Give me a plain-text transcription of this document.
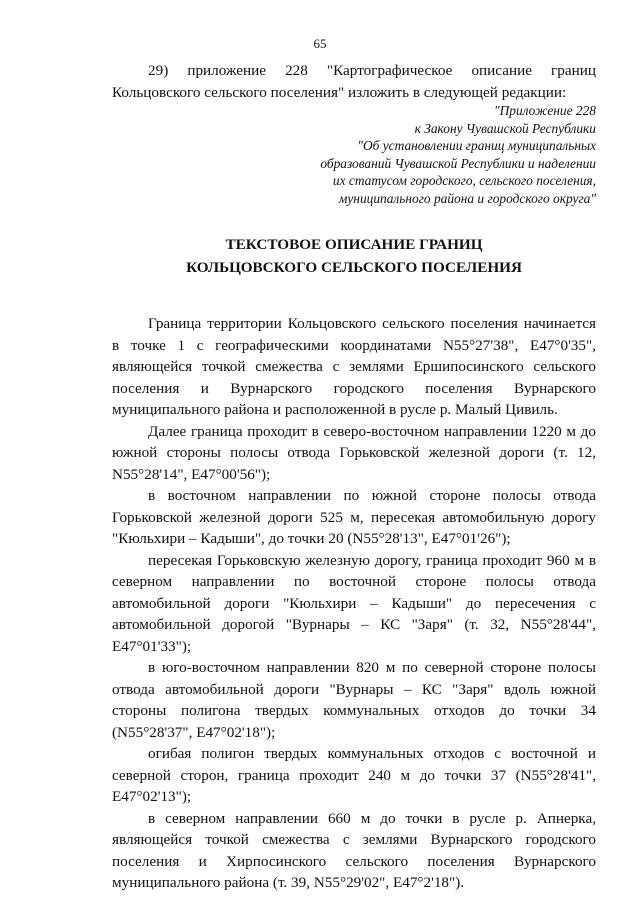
65

29) приложение 228 "Картографическое описание границ Кольцовского сельского поселения" изложить в следующей редакции:

"Приложение 228
к Закону Чувашской Республики
"Об установлении границ муниципальных
образований Чувашской Республики и наделении
их статусом городского, сельского поселения,
муниципального района и городского округа"
ТЕКСТОВОЕ ОПИСАНИЕ ГРАНИЦ
КОЛЬЦОВСКОГО СЕЛЬСКОГО ПОСЕЛЕНИЯ

Граница территории Кольцовского сельского поселения начинается в точке 1 с географическими координатами N55°27'38", E47°0'35", являющейся точкой смежества с землями Ершипосинского сельского поселения и Вурнарского городского поселения Вурнарского муниципального района и расположенной в русле р. Малый Цивиль.

Далее граница проходит в северо-восточном направлении 1220 м до южной стороны полосы отвода Горьковской железной дороги (т. 12, N55°28'14", E47°00'56");

в восточном направлении по южной стороне полосы отвода Горьковской железной дороги 525 м, пересекая автомобильную дорогу "Кюльхири – Кадыши", до точки 20 (N55°28'13", E47°01'26");

пересекая Горьковскую железную дорогу, граница проходит 960 м в северном направлении по восточной стороне полосы отвода автомобильной дороги "Кюльхири – Кадыши" до пересечения с автомобильной дорогой "Вурнары – КС "Заря" (т. 32, N55°28'44", E47°01'33");

в юго-восточном направлении 820 м по северной стороне полосы отвода автомобильной дороги "Вурнары – КС "Заря" вдоль южной стороны полигона твердых коммунальных отходов до точки 34 (N55°28'37", E47°02'18");

огибая полигон твердых коммунальных отходов с восточной и северной сторон, граница проходит 240 м до точки 37 (N55°28'41", E47°02'13");

в северном направлении 660 м до точки в русле р. Апнерка, являющейся точкой смежества с землями Вурнарского городского поселения и Хирпосинского сельского поселения Вурнарского муниципального района (т. 39, N55°29'02", E47°2'18").
